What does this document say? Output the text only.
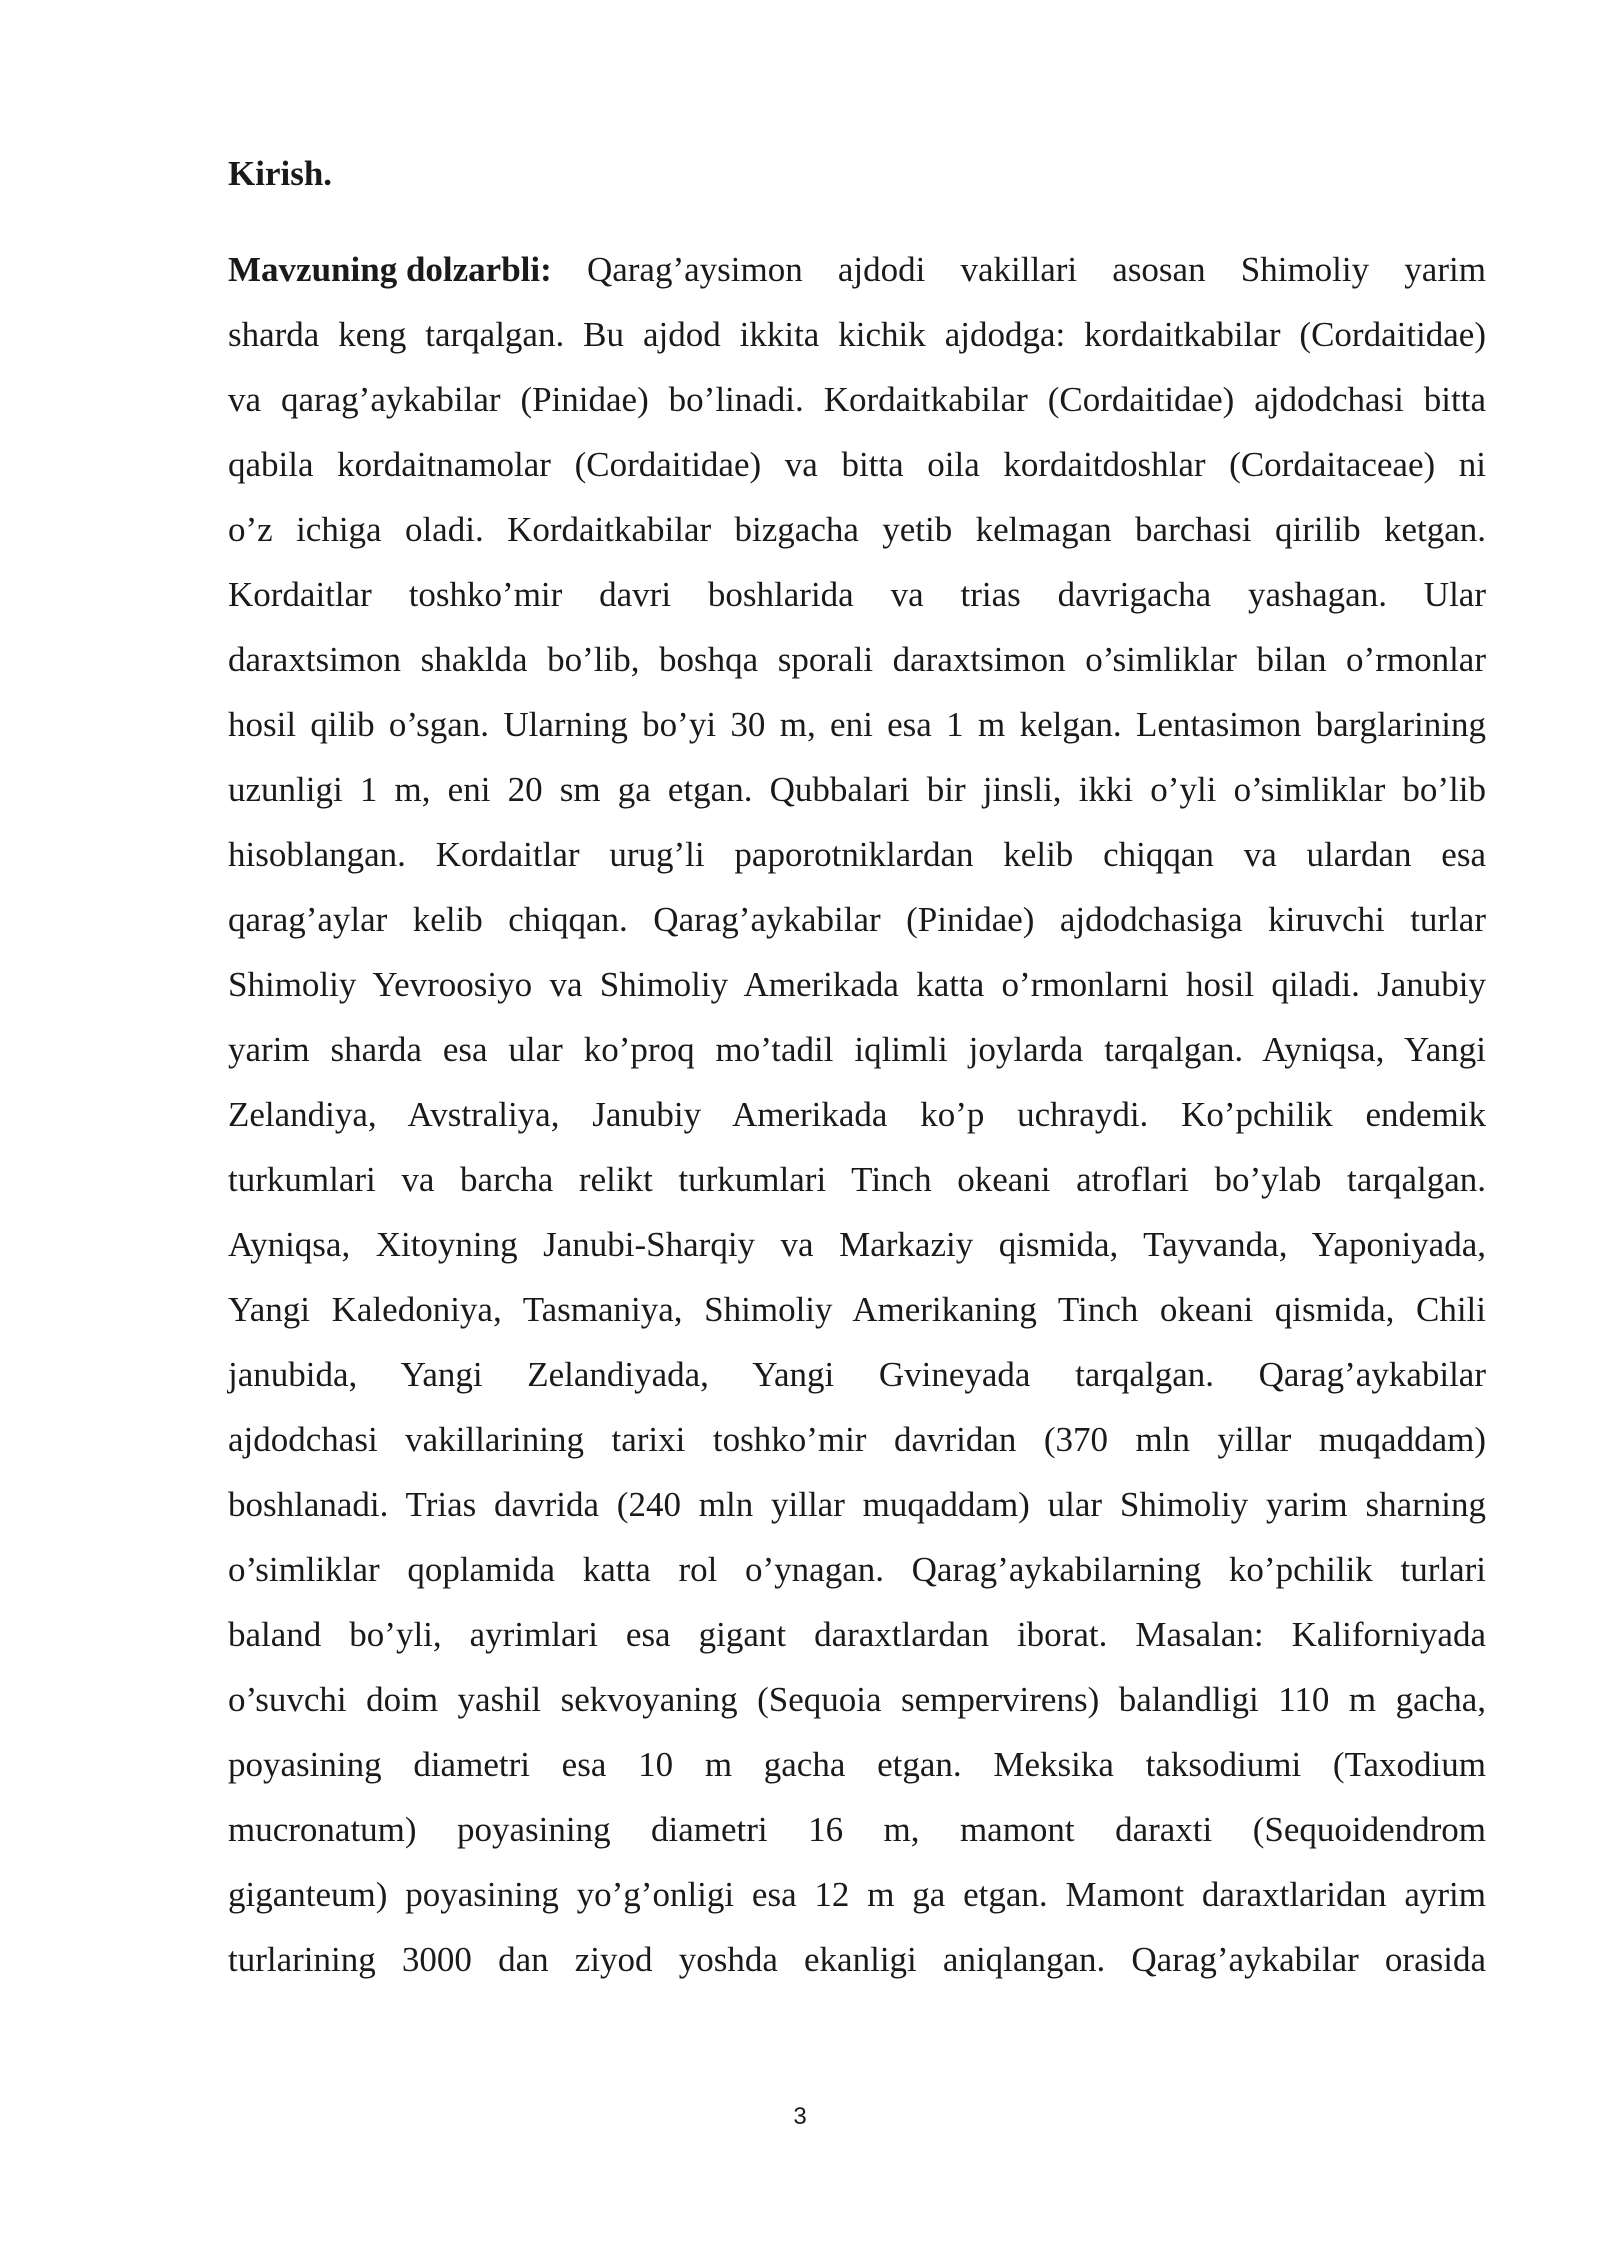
Kirish.
Mavzuning dolzarbli: Qarag’aysimon ajdodi vakillari asosan Shimoliy yarim
sharda keng tarqalgan. Bu ajdod ikkita kichik ajdodga: kordaitkabilar (Cordaitidae)
va qarag’aykabilar (Pinidae) bo’linadi. Kordaitkabilar (Cordaitidae) ajdodchasi bitta
qabila kordaitnamolar (Cordaitidae) va bitta oila kordaitdoshlar (Cordaitaceae) ni
o’z ichiga oladi. Kordaitkabilar bizgacha yetib kelmagan barchasi qirilib ketgan.
Kordaitlar toshko’mir davri boshlarida va trias davrigacha yashagan. Ular
daraxtsimon shaklda bo’lib, boshqa sporali daraxtsimon o’simliklar bilan o’rmonlar
hosil qilib o’sgan. Ularning bo’yi 30 m, eni esa 1 m kelgan. Lentasimon barglarining
uzunligi 1 m, eni 20 sm ga etgan. Qubbalari bir jinsli, ikki o’yli o’simliklar bo’lib
hisoblangan. Kordaitlar urug’li paporotniklardan kelib chiqqan va ulardan esa
qarag’aylar kelib chiqqan. Qarag’aykabilar (Pinidae) ajdodchasiga kiruvchi turlar
Shimoliy Yevroosiyo va Shimoliy Amerikada katta o’rmonlarni hosil qiladi. Janubiy
yarim sharda esa ular ko’proq mo’tadil iqlimli joylarda tarqalgan. Ayniqsa, Yangi
Zelandiya, Avstraliya, Janubiy Amerikada ko’p uchraydi. Ko’pchilik endemik
turkumlari va barcha relikt turkumlari Tinch okeani atroflari bo’ylab tarqalgan.
Ayniqsa, Xitoyning Janubi-Sharqiy va Markaziy qismida, Tayvanda, Yaponiyada,
Yangi Kaledoniya, Tasmaniya, Shimoliy Amerikaning Tinch okeani qismida, Chili
janubida, Yangi Zelandiyada, Yangi Gvineyada tarqalgan. Qarag’aykabilar
ajdodchasi vakillarining tarixi toshko’mir davridan (370 mln yillar muqaddam)
boshlanadi. Trias davrida (240 mln yillar muqaddam) ular Shimoliy yarim sharning
o’simliklar qoplamida katta rol o’ynagan. Qarag’aykabilarning ko’pchilik turlari
baland bo’yli, ayrimlari esa gigant daraxtlardan iborat. Masalan: Kaliforniyada
o’suvchi doim yashil sekvoyaning (Sequoia sempervirens) balandligi 110 m gacha,
poyasining diametri esa 10 m gacha etgan. Meksika taksodiumi (Taxodium
mucronatum) poyasining diametri 16 m, mamont daraxti (Sequoidendrom
giganteum) poyasining yo’g’onligi esa 12 m ga etgan. Mamont daraxtlaridan ayrim
turlarining 3000 dan ziyod yoshda ekanligi aniqlangan. Qarag’aykabilar orasida
3
